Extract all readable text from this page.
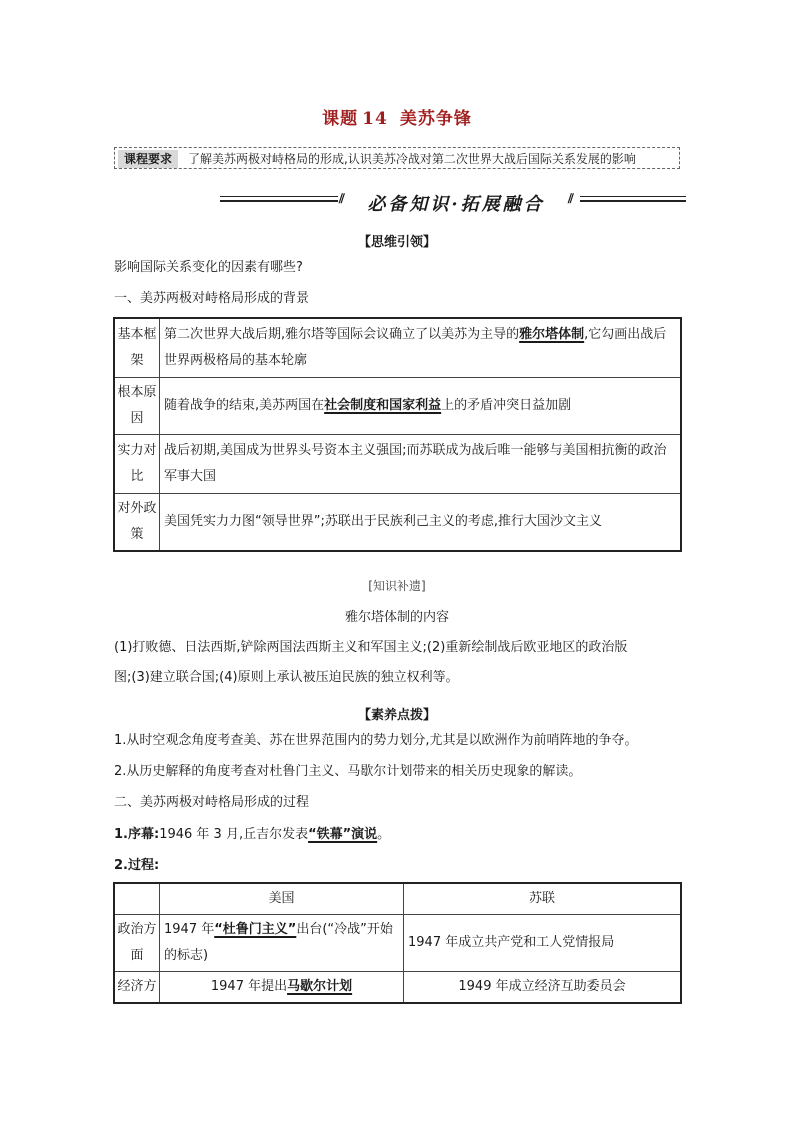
课题 14 美苏争锋
课程要求 了解美苏两极对峙格局的形成,认识美苏冷战对第二次世界大战后国际关系发展的影响
⫽	必备知识·拓展融合	⫽
【思维引领】
影响国际关系变化的因素有哪些?
一、美苏两极对峙格局形成的背景
基本框架	第二次世界大战后期,雅尔塔等国际会议确立了以美苏为主导的雅尔塔体制,它勾画出战后世界两极格局的基本轮廓
根本原因	随着战争的结束,美苏两国在社会制度和国家利益上的矛盾冲突日益加剧
实力对比	战后初期,美国成为世界头号资本主义强国;而苏联成为战后唯一能够与美国相抗衡的政治军事大国
对外政策	美国凭实力力图“领导世界”;苏联出于民族利己主义的考虑,推行大国沙文主义
[知识补遗]
雅尔塔体制的内容
(1)打败德、日法西斯,铲除两国法西斯主义和军国主义;(2)重新绘制战后欧亚地区的政治版
图;(3)建立联合国;(4)原则上承认被压迫民族的独立权利等。
【素养点拨】
1.从时空观念角度考查美、苏在世界范围内的势力划分,尤其是以欧洲作为前哨阵地的争夺。
2.从历史解释的角度考查对杜鲁门主义、马歇尔计划带来的相关历史现象的解读。
二、美苏两极对峙格局形成的过程
1.序幕:1946 年 3 月,丘吉尔发表“铁幕”演说。
2.过程:
	美国	苏联
政治方面	1947 年“杜鲁门主义”出台(“冷战”开始的标志)	1947 年成立共产党和工人党情报局
经济方	1947 年提出马歇尔计划	1949 年成立经济互助委员会
